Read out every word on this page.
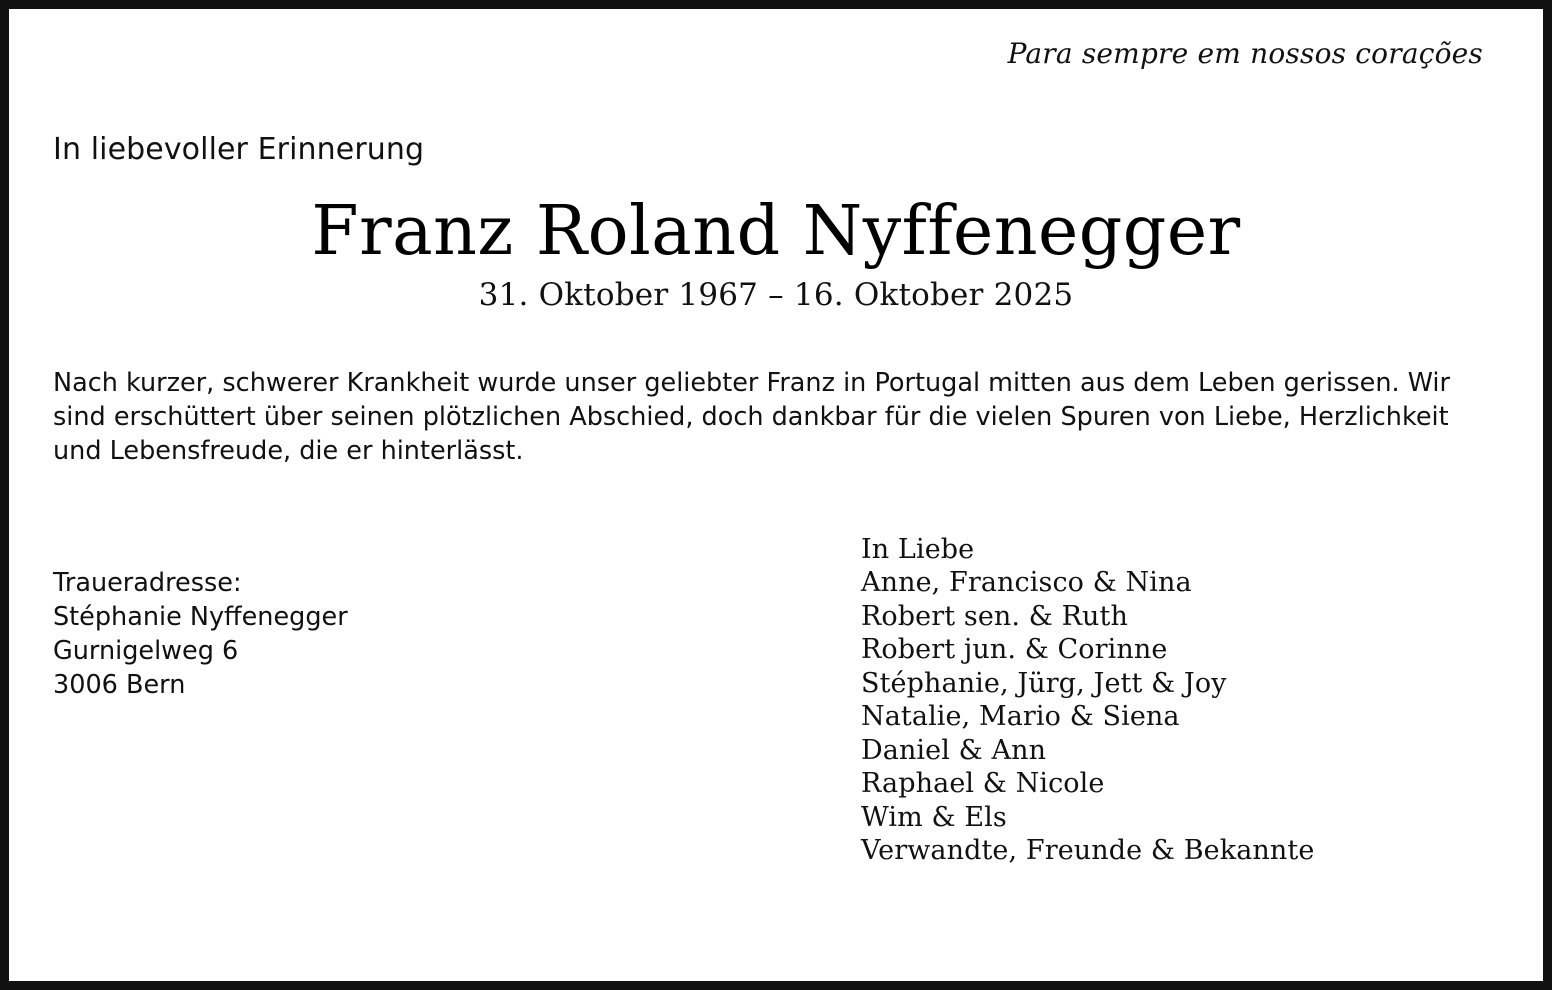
Para sempre em nossos corações
In liebevoller Erinnerung
Franz Roland Nyffenegger
31. Oktober 1967 – 16. Oktober 2025
Nach kurzer, schwerer Krankheit wurde unser geliebter Franz in Portugal mitten aus dem Leben gerissen. Wir sind erschüttert über seinen plötzlichen Abschied, doch dankbar für die vielen Spuren von Liebe, Herzlichkeit und Lebensfreude, die er hinterlässt.
Traueradresse:
Stéphanie Nyffenegger
Gurnigelweg 6
3006 Bern
In Liebe
Anne, Francisco & Nina
Robert sen. & Ruth
Robert jun. & Corinne
Stéphanie, Jürg, Jett & Joy
Natalie, Mario & Siena
Daniel & Ann
Raphael & Nicole
Wim & Els
Verwandte, Freunde & Bekannte
